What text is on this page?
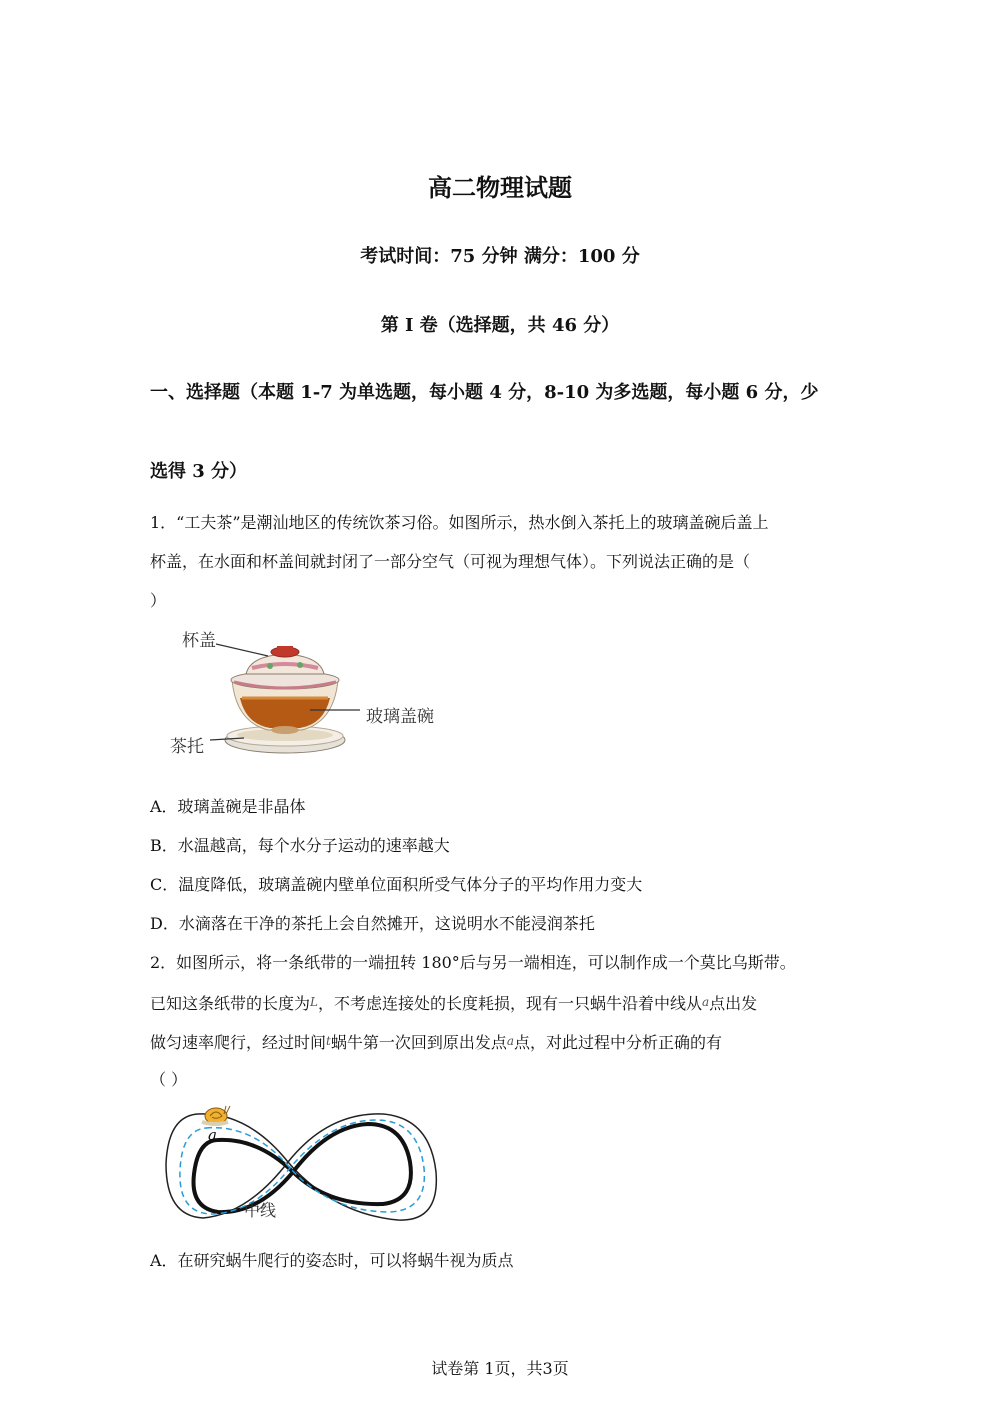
高二物理试题
考试时间：75 分钟 满分：100 分
第 I 卷（选择题，共 46 分）
一、选择题（本题 1-7 为单选题，每小题 4 分，8-10 为多选题，每小题 6 分，少
选得 3 分）
1．“工夫茶”是潮汕地区的传统饮茶习俗。如图所示，热水倒入茶托上的玻璃盖碗后盖上
杯盖，在水面和杯盖间就封闭了一部分空气（可视为理想气体）。下列说法正确的是（
）
杯盖
玻璃盖碗
茶托
A．玻璃盖碗是非晶体
B．水温越高，每个水分子运动的速率越大
C．温度降低，玻璃盖碗内壁单位面积所受气体分子的平均作用力变大
D．水滴落在干净的茶托上会自然摊开，这说明水不能浸润茶托
2．如图所示，将一条纸带的一端扭转 180°后与另一端相连，可以制作成一个莫比乌斯带。
已知这条纸带的长度为L，不考虑连接处的长度耗损，现有一只蜗牛沿着中线从a点出发
做匀速率爬行，经过时间t蜗牛第一次回到原出发点a点，对此过程中分析正确的有
（ ）
a
中线
A．在研究蜗牛爬行的姿态时，可以将蜗牛视为质点
试卷第 1页，共3页
